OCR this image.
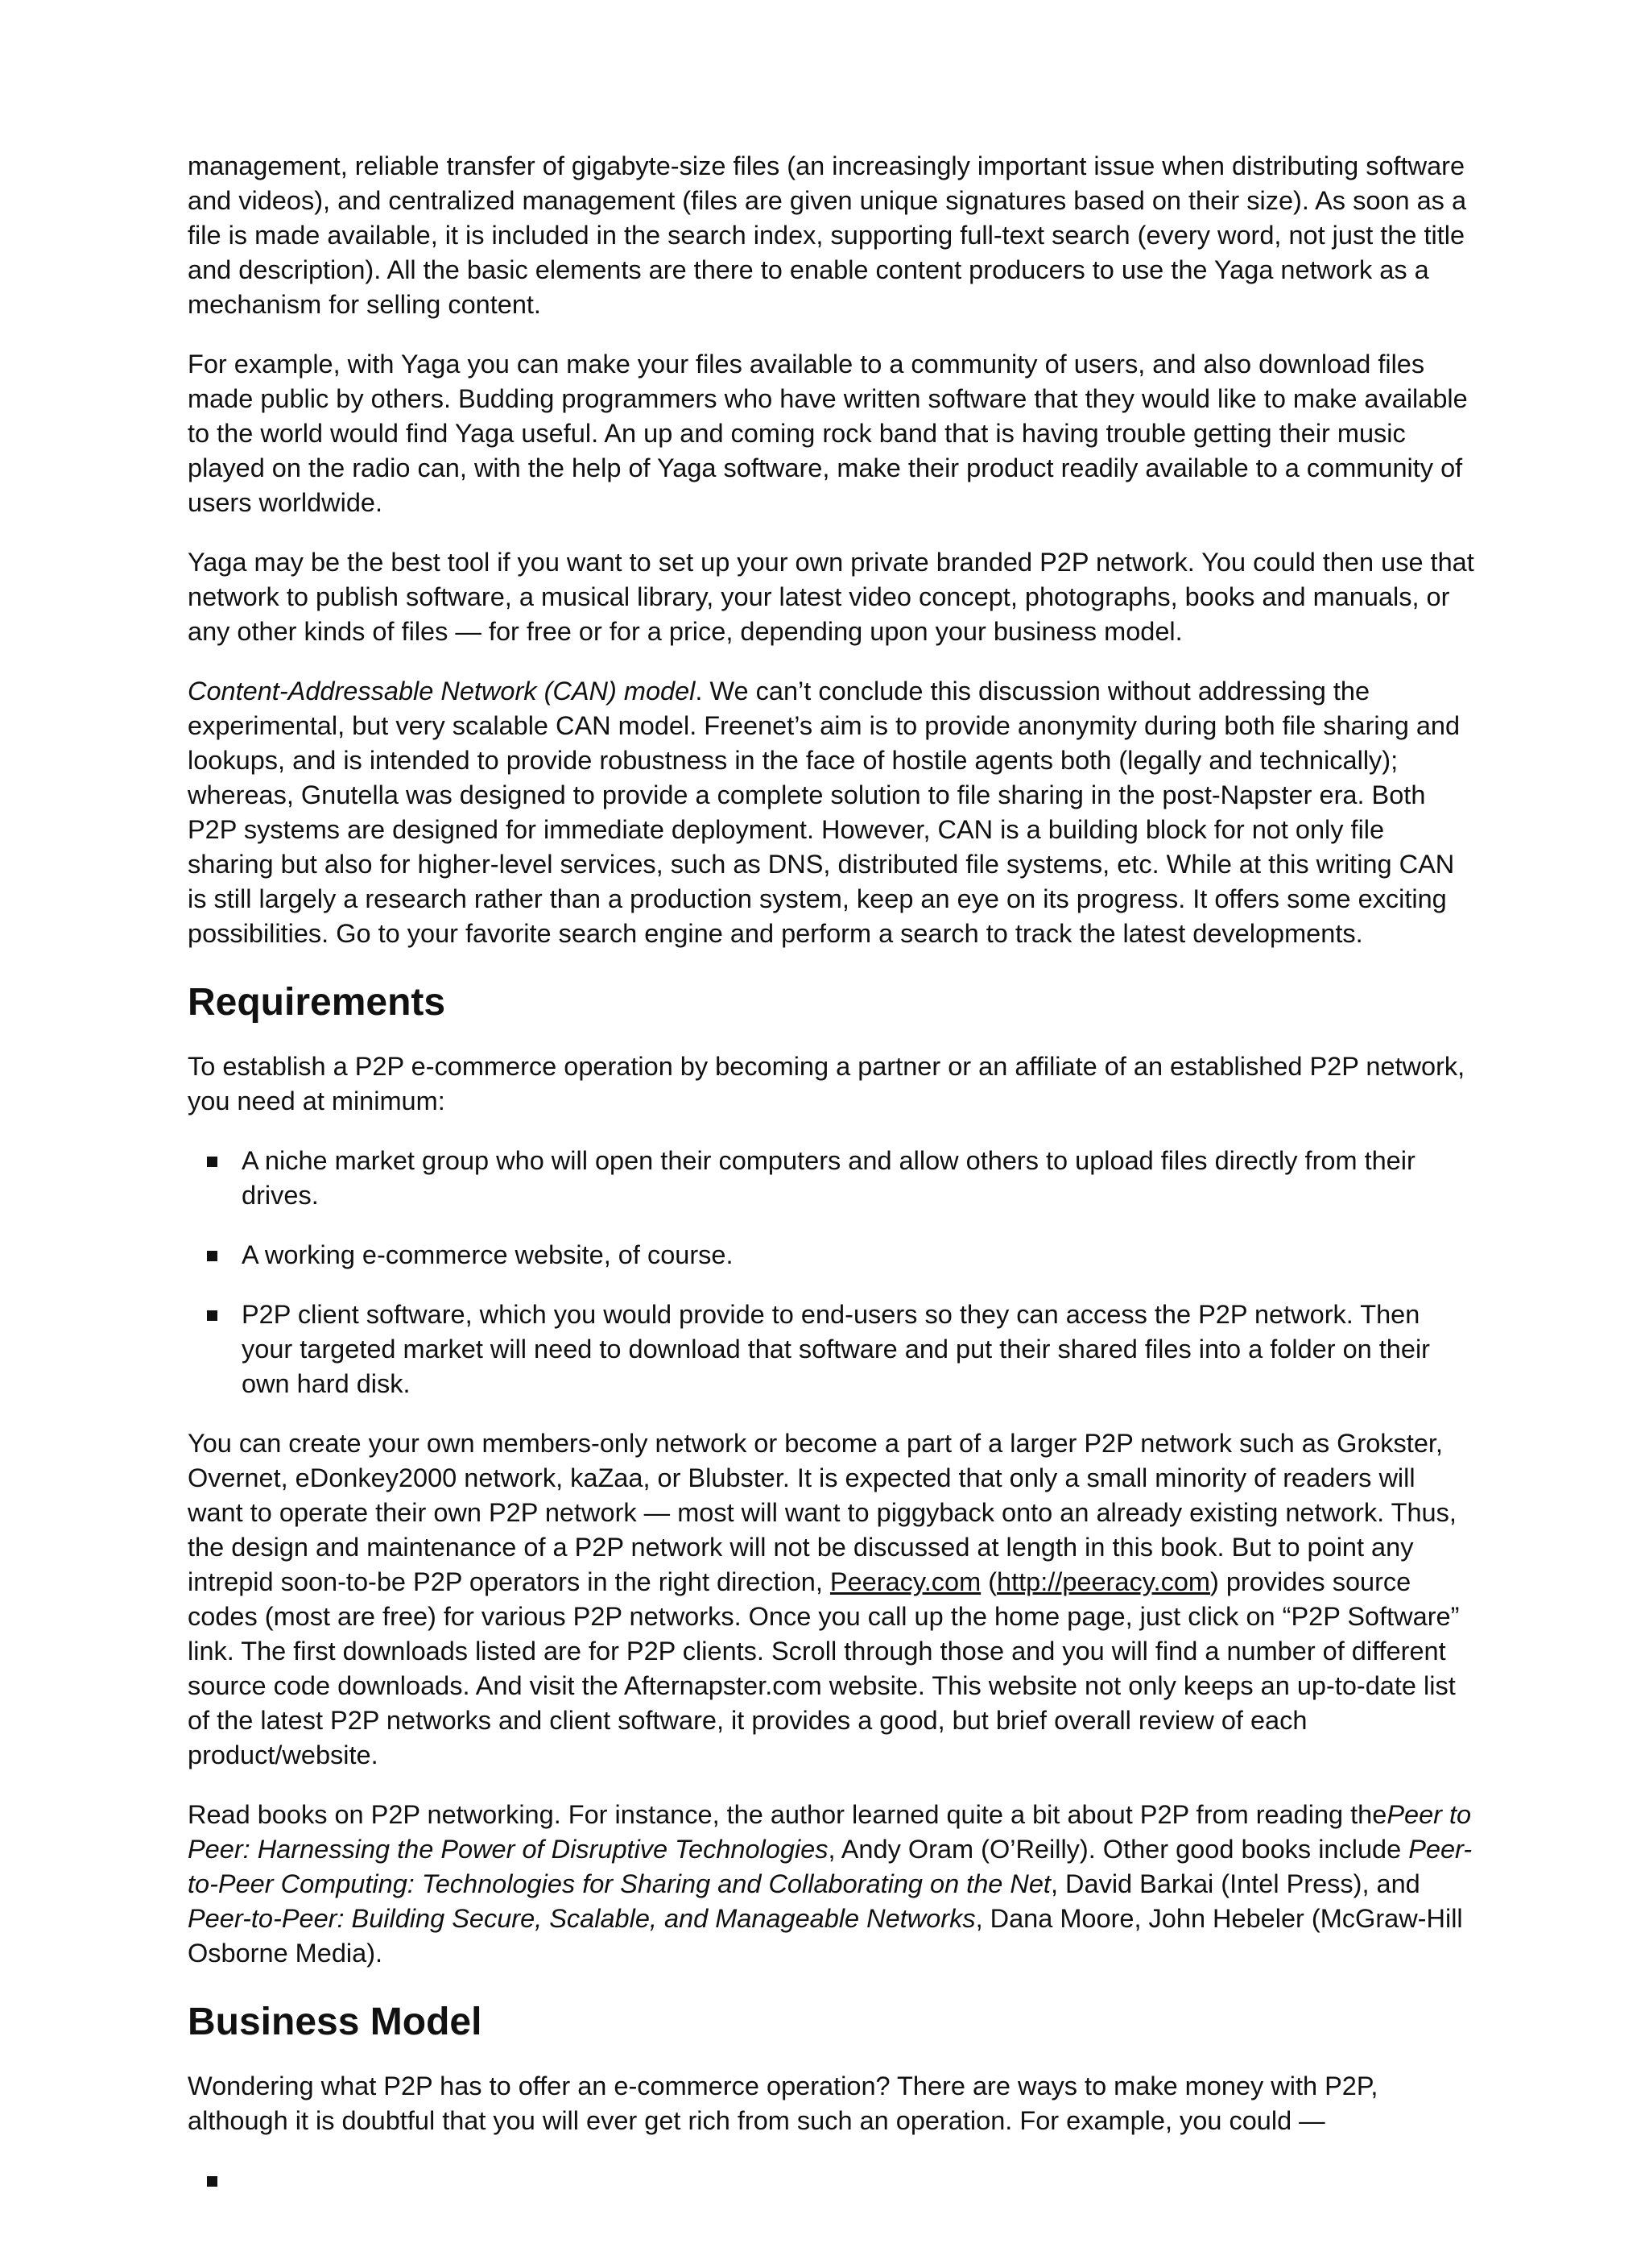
management, reliable transfer of gigabyte-size files (an increasingly important issue when distributing software and videos), and centralized management (files are given unique signatures based on their size). As soon as a file is made available, it is included in the search index, supporting full-text search (every word, not just the title and description). All the basic elements are there to enable content producers to use the Yaga network as a mechanism for selling content.

For example, with Yaga you can make your files available to a community of users, and also download files made public by others. Budding programmers who have written software that they would like to make available to the world would find Yaga useful. An up and coming rock band that is having trouble getting their music played on the radio can, with the help of Yaga software, make their product readily available to a community of users worldwide.

Yaga may be the best tool if you want to set up your own private branded P2P network. You could then use that network to publish software, a musical library, your latest video concept, photographs, books and manuals, or any other kinds of files — for free or for a price, depending upon your business model.

Content-Addressable Network (CAN) model. We can’t conclude this discussion without addressing the experimental, but very scalable CAN model. Freenet’s aim is to provide anonymity during both file sharing and lookups, and is intended to provide robustness in the face of hostile agents both (legally and technically); whereas, Gnutella was designed to provide a complete solution to file sharing in the post-Napster era. Both P2P systems are designed for immediate deployment. However, CAN is a building block for not only file sharing but also for higher-level services, such as DNS, distributed file systems, etc. While at this writing CAN is still largely a research rather than a production system, keep an eye on its progress. It offers some exciting possibilities. Go to your favorite search engine and perform a search to track the latest developments.

Requirements

To establish a P2P e-commerce operation by becoming a partner or an affiliate of an established P2P network, you need at minimum:

A niche market group who will open their computers and allow others to upload files directly from their drives.
A working e-commerce website, of course.
P2P client software, which you would provide to end-users so they can access the P2P network. Then your targeted market will need to download that software and put their shared files into a folder on their own hard disk.

You can create your own members-only network or become a part of a larger P2P network such as Grokster, Overnet, eDonkey2000 network, kaZaa, or Blubster. It is expected that only a small minority of readers will want to operate their own P2P network — most will want to piggyback onto an already existing network. Thus, the design and maintenance of a P2P network will not be discussed at length in this book. But to point any intrepid soon-to-be P2P operators in the right direction, Peeracy.com (http://peeracy.com) provides source codes (most are free) for various P2P networks. Once you call up the home page, just click on “P2P Software” link. The first downloads listed are for P2P clients. Scroll through those and you will find a number of different source code downloads. And visit the Afternapster.com website. This website not only keeps an up-to-date list of the latest P2P networks and client software, it provides a good, but brief overall review of each product/website.

Read books on P2P networking. For instance, the author learned quite a bit about P2P from reading thePeer to Peer: Harnessing the Power of Disruptive Technologies, Andy Oram (O’Reilly). Other good books include Peer-to-Peer Computing: Technologies for Sharing and Collaborating on the Net, David Barkai (Intel Press), and Peer-to-Peer: Building Secure, Scalable, and Manageable Networks, Dana Moore, John Hebeler (McGraw-Hill Osborne Media).

Business Model

Wondering what P2P has to offer an e-commerce operation? There are ways to make money with P2P, although it is doubtful that you will ever get rich from such an operation. For example, you could —
